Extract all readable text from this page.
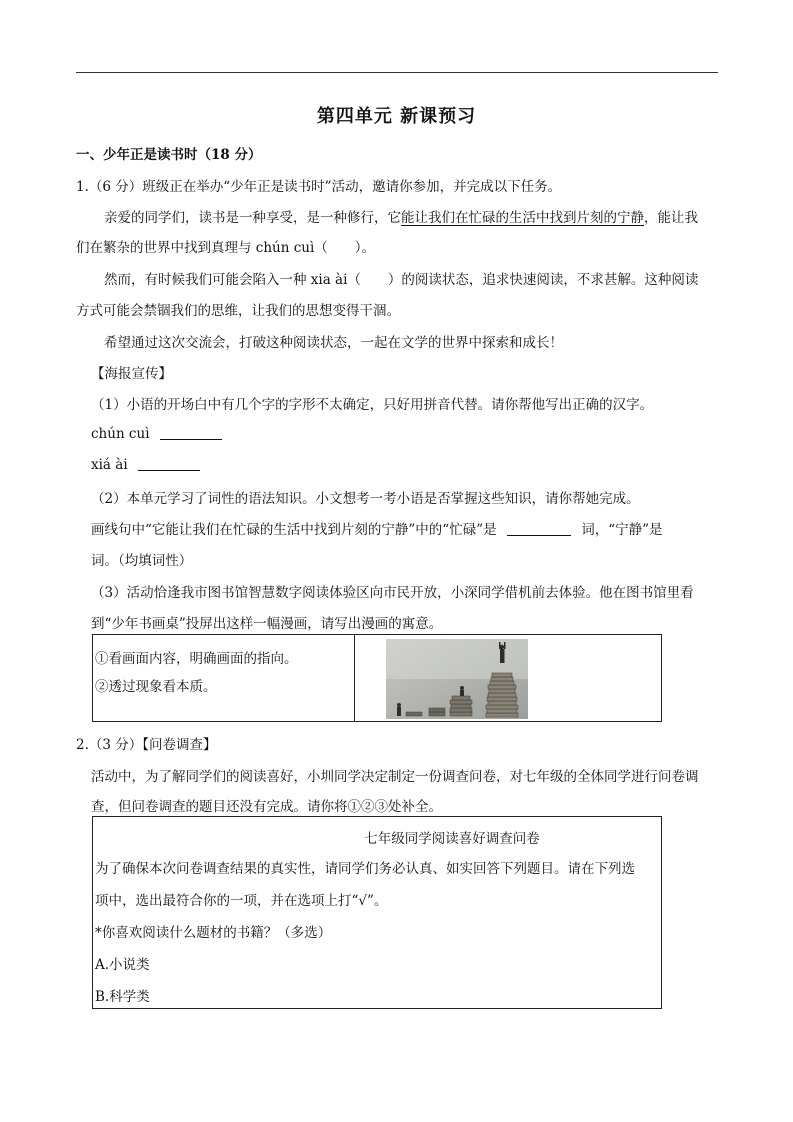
第四单元 新课预习
一、少年正是读书时（18 分）
1.（6 分）班级正在举办“少年正是读书时”活动，邀请你参加，并完成以下任务。
亲爱的同学们，读书是一种享受，是一种修行，它能让我们在忙碌的生活中找到片刻的宁静，能让我
们在繁杂的世界中找到真理与 chún cuì（　　）。
然而，有时候我们可能会陷入一种 xia ài（　　）的阅读状态，追求快速阅读，不求甚解。这种阅读
方式可能会禁锢我们的思维，让我们的思想变得干涸。
希望通过这次交流会，打破这种阅读状态，一起在文学的世界中探索和成长！
【海报宣传】
（1）小语的开场白中有几个字的字形不太确定，只好用拼音代替。请你帮他写出正确的汉字。
chún cuì
xiá ài
（2）本单元学习了词性的语法知识。小文想考一考小语是否掌握这些知识，请你帮她完成。
画线句中“它能让我们在忙碌的生活中找到片刻的宁静”中的“忙碌”是	词，“宁静”是
词。（均填词性）
（3）活动恰逢我市图书馆智慧数字阅读体验区向市民开放，小深同学借机前去体验。他在图书馆里看
到“少年书画桌”投屏出这样一幅漫画，请写出漫画的寓意。
①看画面内容，明确画面的指向。
②透过现象看本质。
2.（3 分）【问卷调查】
活动中，为了解同学们的阅读喜好，小圳同学决定制定一份调查问卷，对七年级的全体同学进行问卷调
查，但问卷调查的题目还没有完成。请你将①②③处补全。
七年级同学阅读喜好调查问卷
为了确保本次问卷调查结果的真实性，请同学们务必认真、如实回答下列题目。请在下列选
项中，选出最符合你的一项，并在选项上打“√”。
*你喜欢阅读什么题材的书籍？（多选）
A.小说类
B.科学类
